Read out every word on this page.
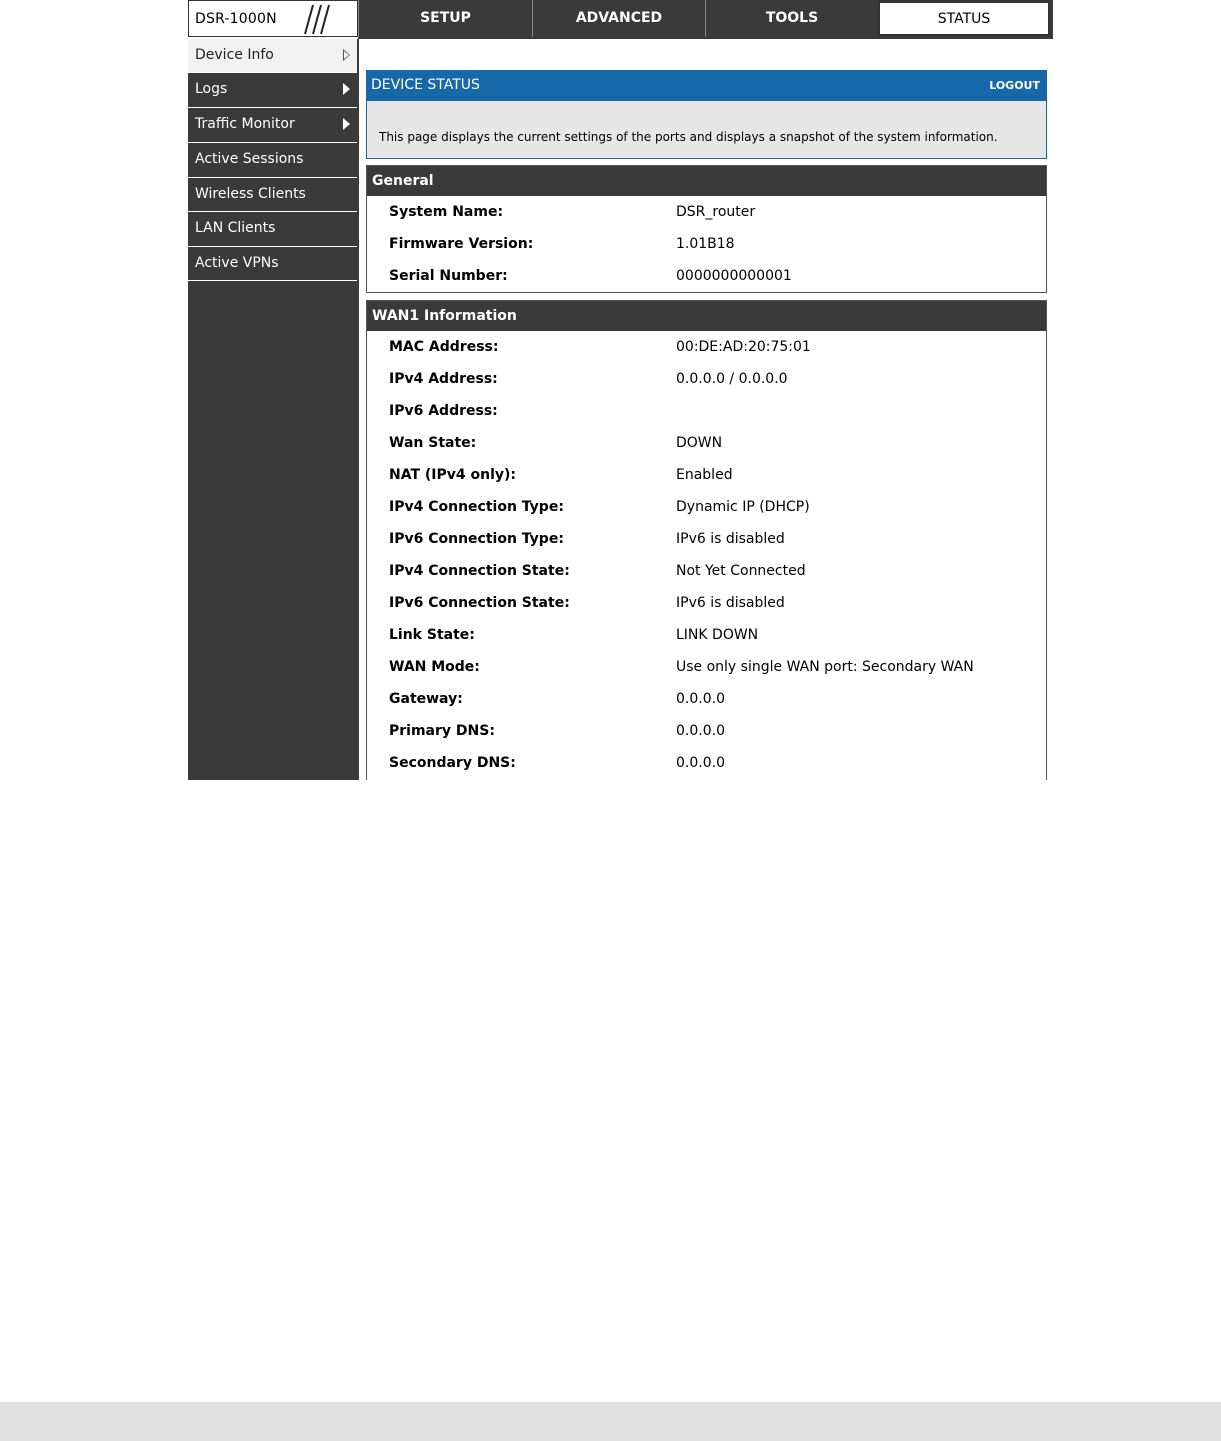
DSR-1000N	SETUP	ADVANCED	TOOLS	STATUS
Device Info
Logs
Traffic Monitor
Active Sessions
Wireless Clients
LAN Clients
Active VPNs
DEVICE STATUS	LOGOUT
This page displays the current settings of the ports and displays a snapshot of the system information.
General
System Name:	DSR_router
Firmware Version:	1.01B18
Serial Number:	0000000000001
WAN1 Information
MAC Address:	00:DE:AD:20:75:01
IPv4 Address:	0.0.0.0 / 0.0.0.0
IPv6 Address:
Wan State:	DOWN
NAT (IPv4 only):	Enabled
IPv4 Connection Type:	Dynamic IP (DHCP)
IPv6 Connection Type:	IPv6 is disabled
IPv4 Connection State:	Not Yet Connected
IPv6 Connection State:	IPv6 is disabled
Link State:	LINK DOWN
WAN Mode:	Use only single WAN port: Secondary WAN
Gateway:	0.0.0.0
Primary DNS:	0.0.0.0
Secondary DNS:	0.0.0.0
